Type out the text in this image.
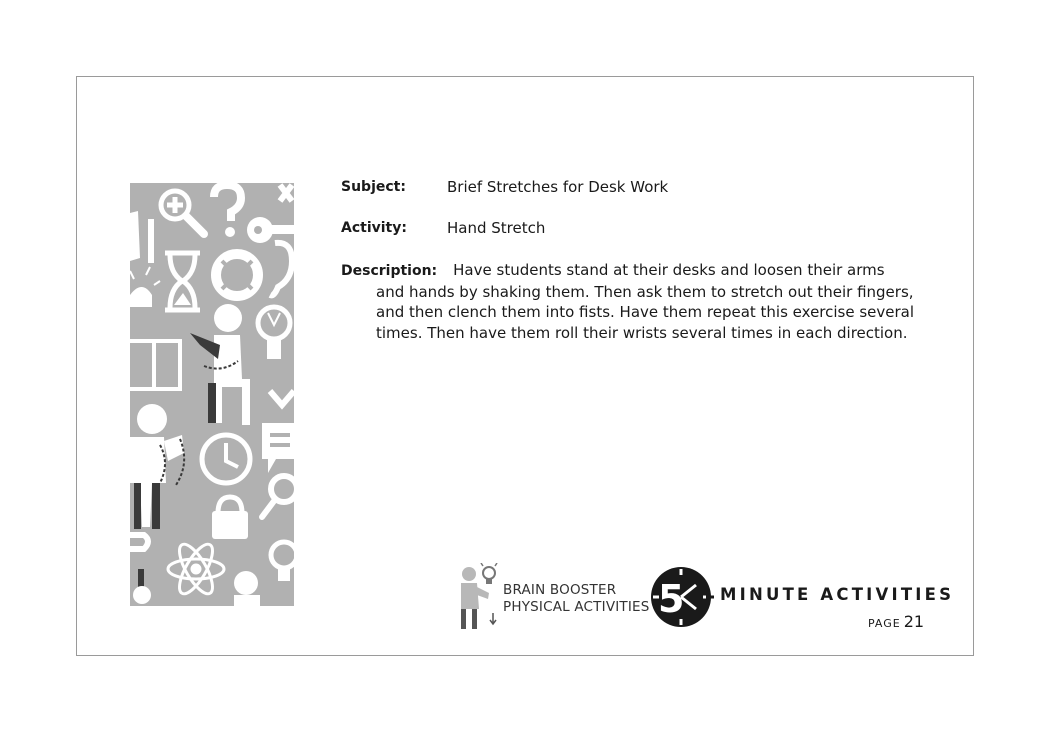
Subject:	Brief Stretches for Desk Work
Activity:	Hand Stretch
Description: Have students stand at their desks and loosen their arms and hands by shaking them. Then ask them to stretch out their fingers, and then clench them into fists. Have them repeat this exercise several times. Then have them roll their wrists several times in each direction.
BRAIN BOOSTER
PHYSICAL ACTIVITIES 5 MINUTE ACTIVITIES
PAGE 21
